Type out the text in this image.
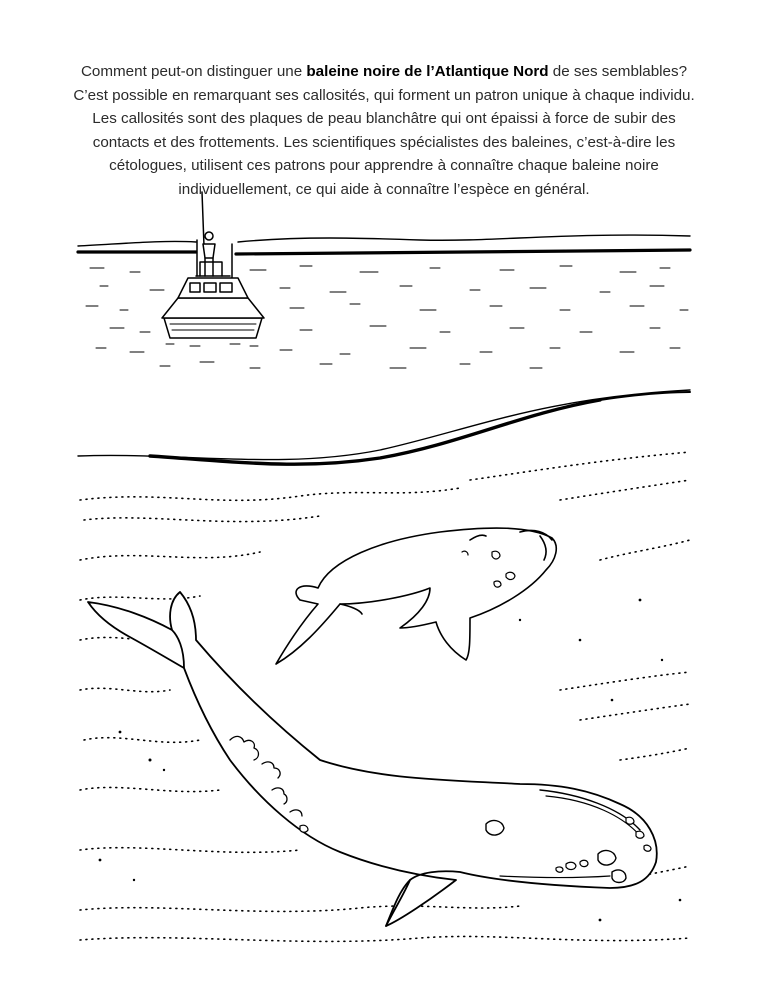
Comment peut-on distinguer une baleine noire de l’Atlantique Nord de ses semblables? C’est possible en remarquant ses callosités, qui forment un patron unique à chaque individu. Les callosités sont des plaques de peau blanchâtre qui ont épaissi à force de subir des contacts et des frottements. Les scientifiques spécialistes des baleines, c’est-à-dire les cétologues, utilisent ces patrons pour apprendre à connaître chaque baleine noire individuellement, ce qui aide à connaître l’espèce en général.
